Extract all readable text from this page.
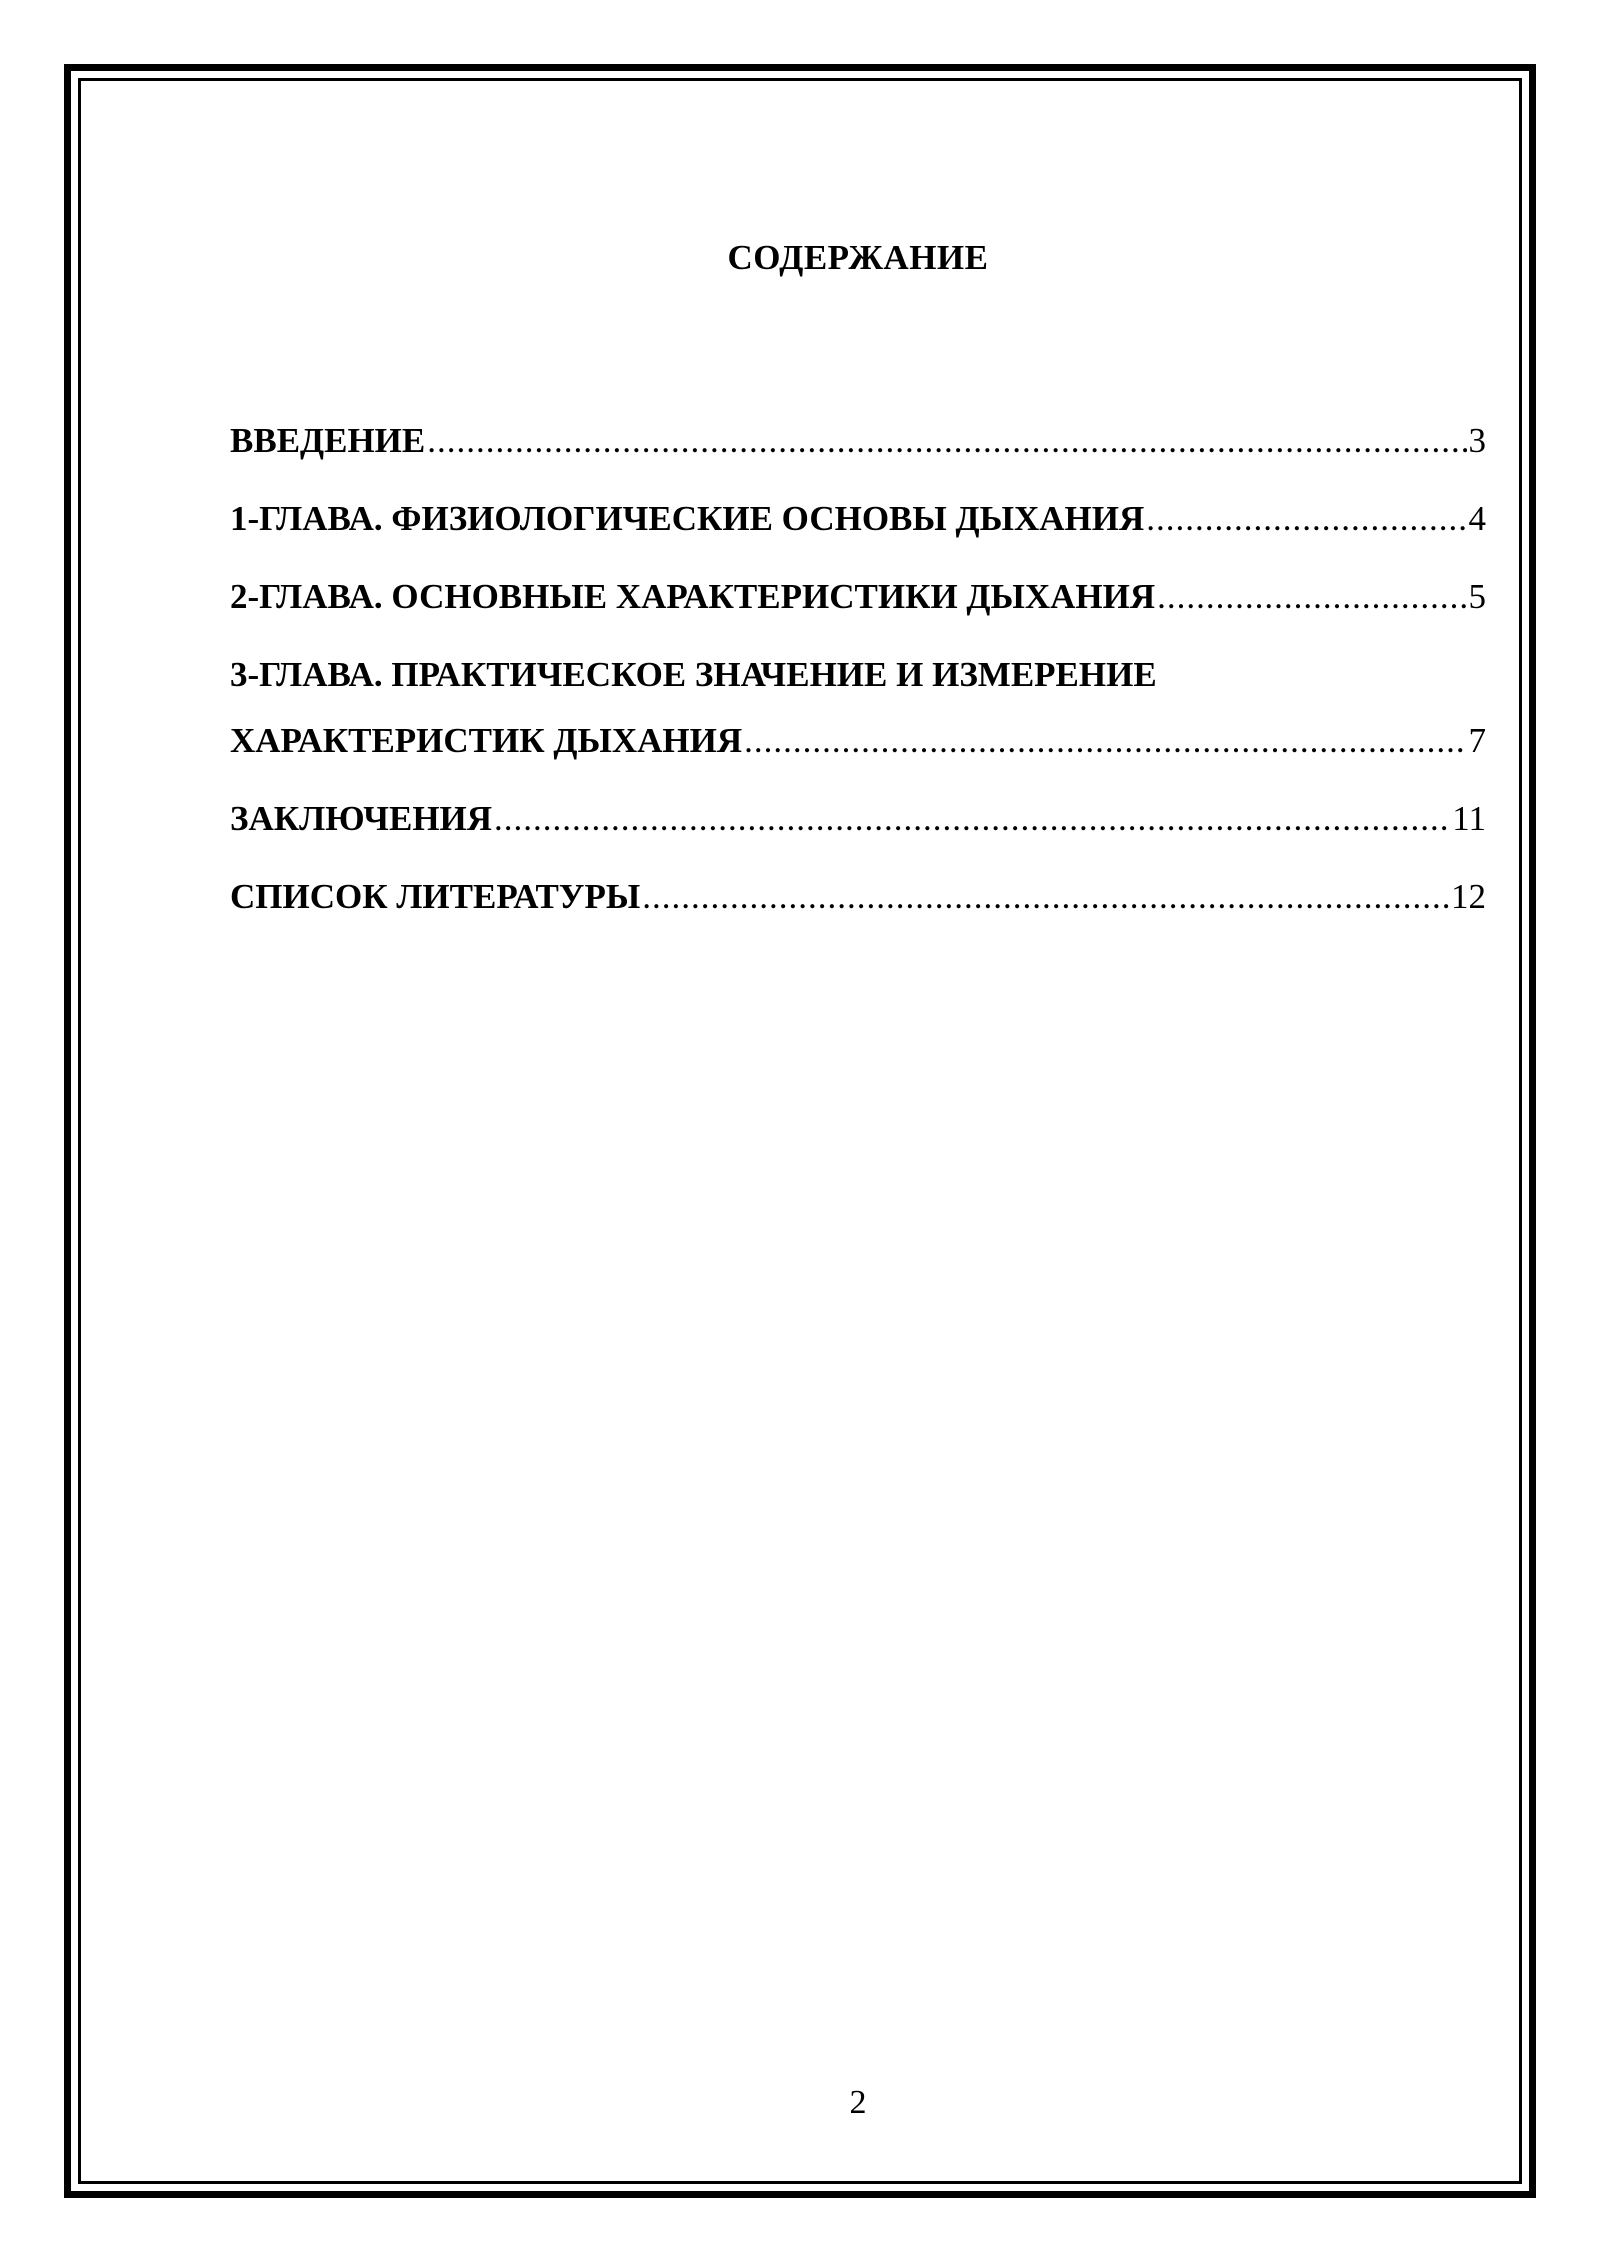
СОДЕРЖАНИЕ
ВВЕДЕНИЕ .....	3
1-ГЛАВА. ФИЗИОЛОГИЧЕСКИЕ ОСНОВЫ ДЫХАНИЯ .....	4
2-ГЛАВА. ОСНОВНЫЕ ХАРАКТЕРИСТИКИ ДЫХАНИЯ .....	5
3-ГЛАВА. ПРАКТИЧЕСКОЕ ЗНАЧЕНИЕ И ИЗМЕРЕНИЕ
ХАРАКТЕРИСТИК ДЫХАНИЯ .....	7
ЗАКЛЮЧЕНИЯ .....	11
СПИСОК ЛИТЕРАТУРЫ .....	12
2
